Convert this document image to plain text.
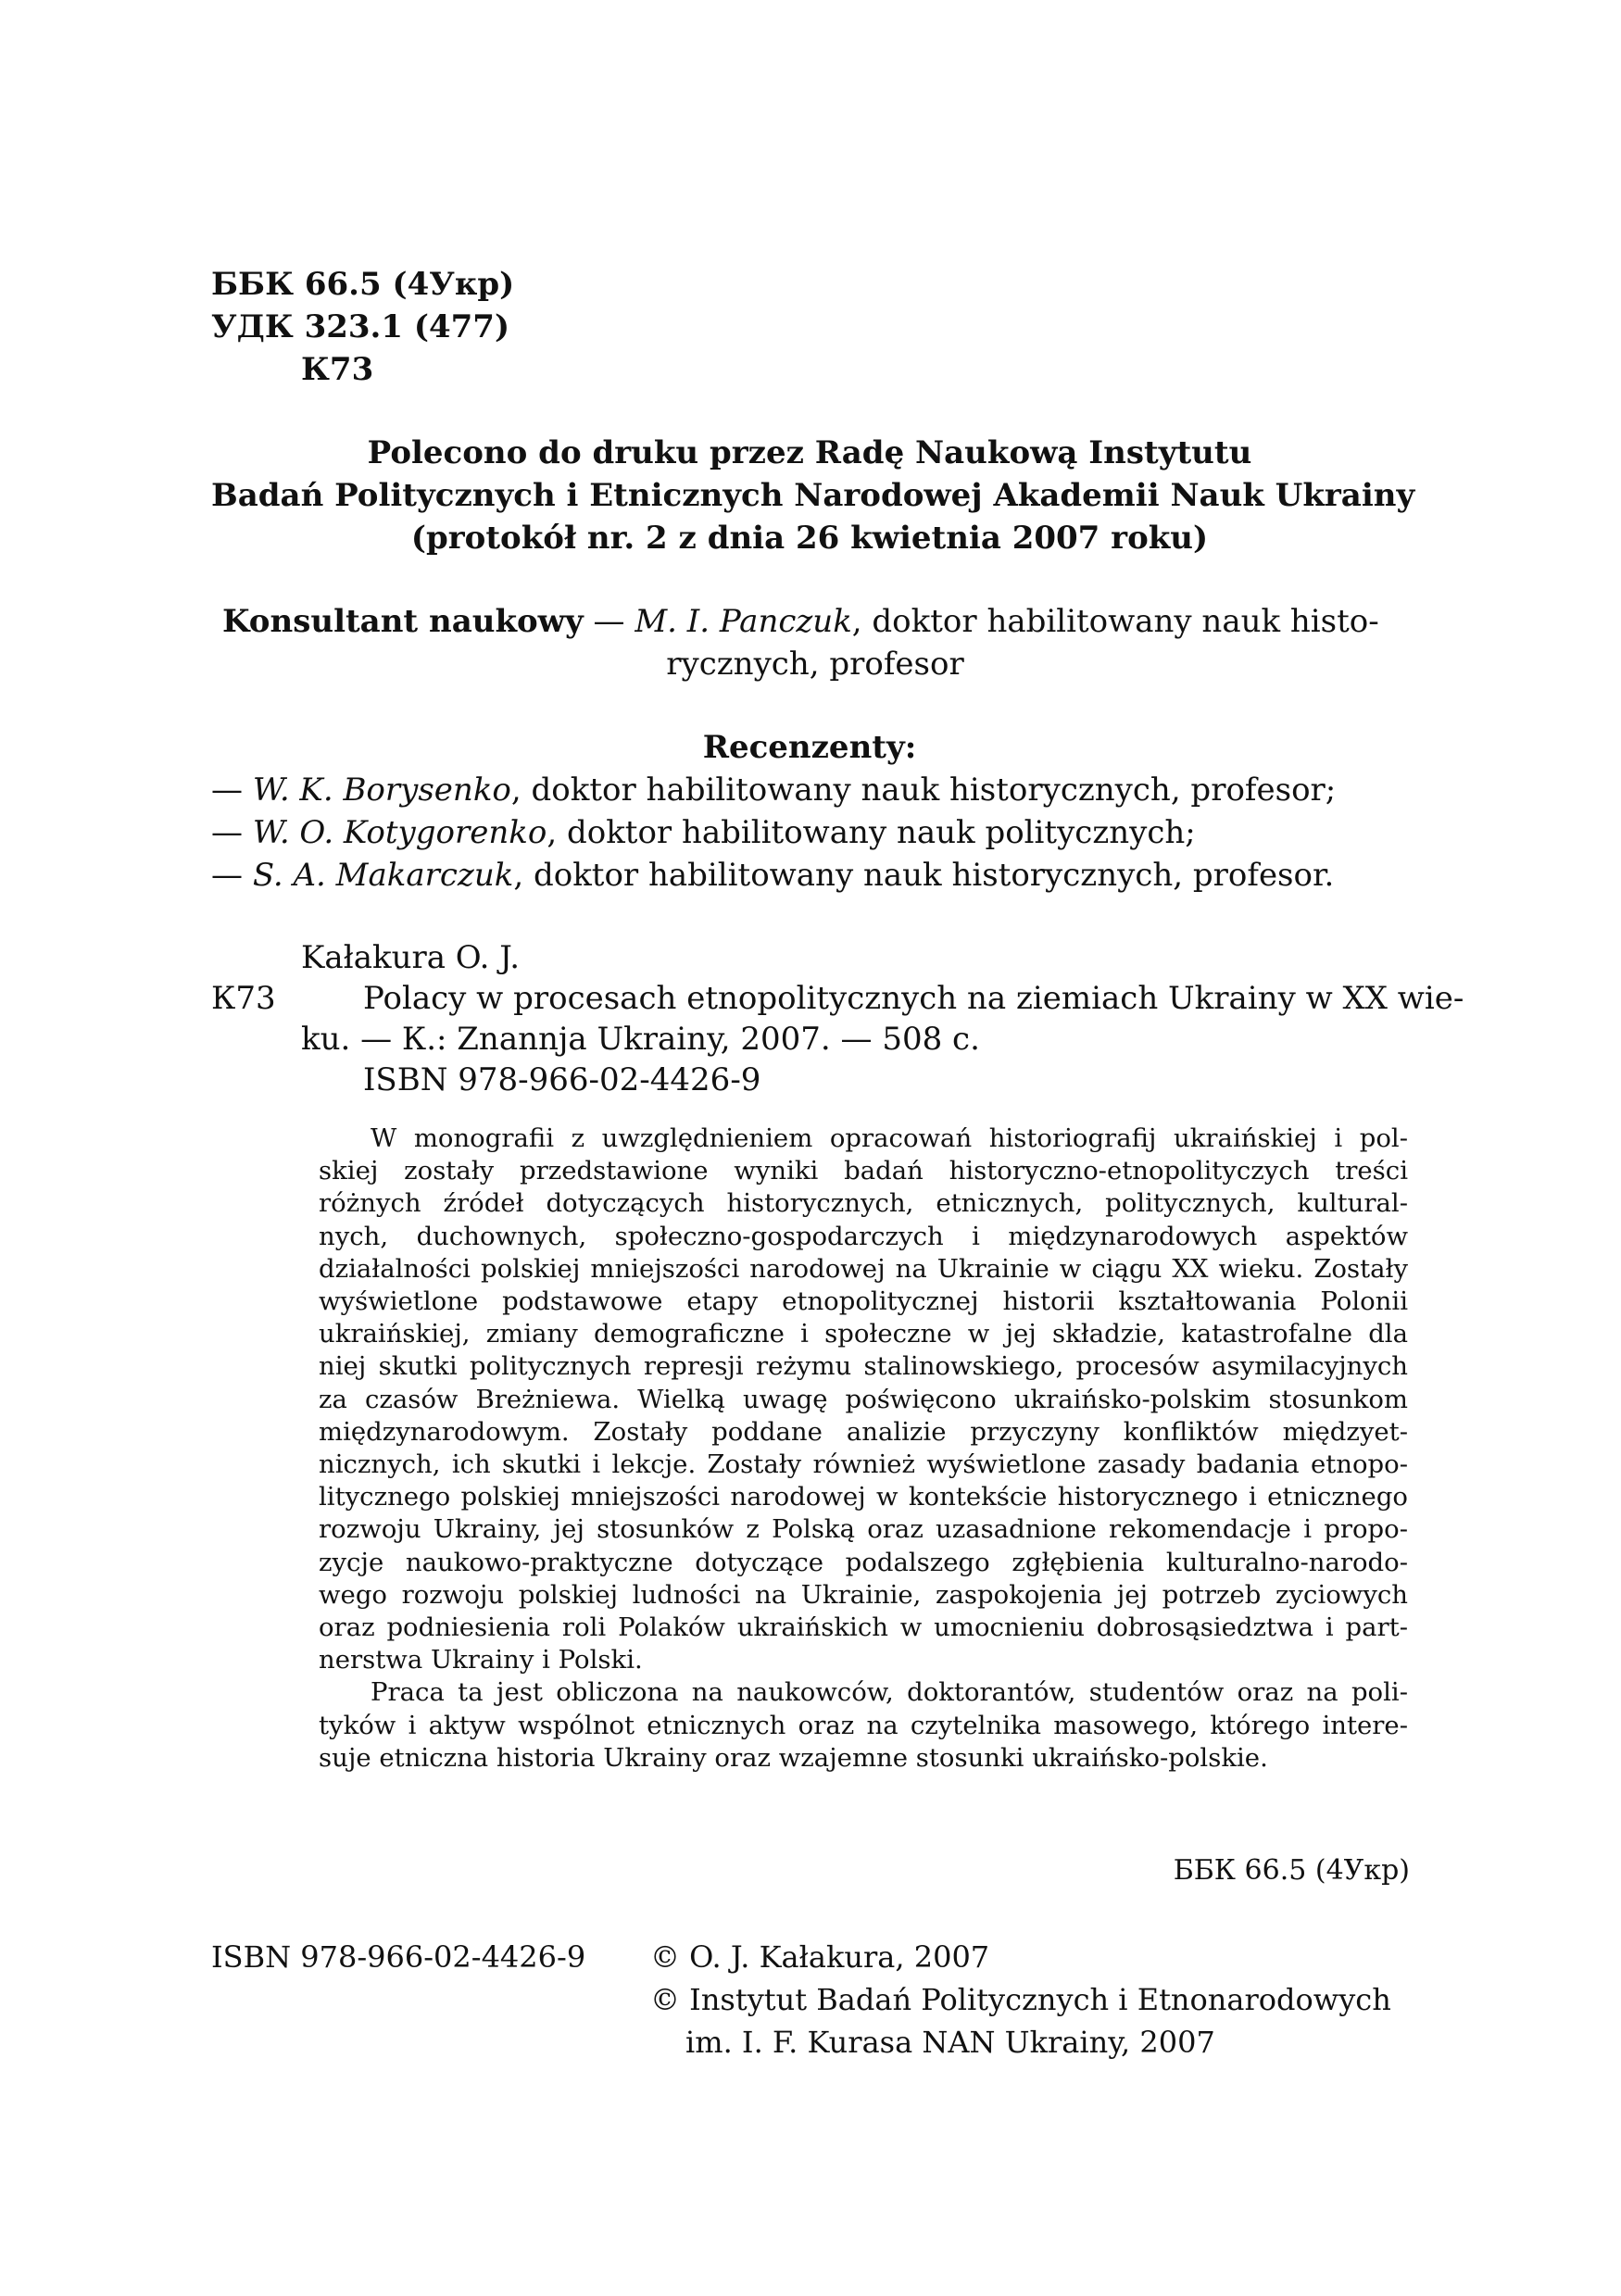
ББК 66.5 (4Укр)
УДК 323.1 (477)
К73
Polecono do druku przez Radę Naukową Instytutu
Badań Politycznych i Etnicznych Narodowej Akademii Nauk Ukrainy
(protokół nr. 2 z dnia 26 kwietnia 2007 roku)
Konsultant naukowy — M. I. Panczuk, doktor habilitowany nauk histo-
rycznych, profesor
Recenzenty:
— W. K. Borysenko, doktor habilitowany nauk historycznych, profesor;
— W. O. Kotygorenko, doktor habilitowany nauk politycznych;
— S. A. Makarczuk, doktor habilitowany nauk historycznych, profesor.
Kałakura O. J.
К73	Polacy w procesach etnopolitycznych na ziemiach Ukrainy w XX wie-
ku. — К.: Znannja Ukrainy, 2007. — 508 c.
ISBN 978-966-02-4426-9
W monografii z uwzględnieniem opracowań historiografij ukraińskiej i pol-
skiej zostały przedstawione wyniki badań historyczno-etnopolityczych treści
różnych źródeł dotyczących historycznych, etnicznych, politycznych, kultural-
nych, duchownych, społeczno-gospodarczych i międzynarodowych aspektów
działalności polskiej mniejszości narodowej na Ukrainie w ciągu XX wieku. Zostały
wyświetlone podstawowe etapy etnopolitycznej historii kształtowania Polonii
ukraińskiej, zmiany demograficzne i społeczne w jej składzie, katastrofalne dla
niej skutki politycznych represji reżymu stalinowskiego, procesów asymilacyjnych
za czasów Breżniewa. Wielką uwagę poświęcono ukraińsko-polskim stosunkom
międzynarodowym. Zostały poddane analizie przyczyny konfliktów międzyet-
nicznych, ich skutki i lekcje. Zostały również wyświetlone zasady badania etnopo-
litycznego polskiej mniejszości narodowej w kontekście historycznego i etnicznego
rozwoju Ukrainy, jej stosunków z Polską oraz uzasadnione rekomendacje i propo-
zycje naukowo-praktyczne dotyczące podalszego zgłębienia kulturalno-narodo-
wego rozwoju polskiej ludności na Ukrainie, zaspokojenia jej potrzeb zyciowych
oraz podniesienia roli Polaków ukraińskich w umocnieniu dobrosąsiedztwa i part-
nerstwa Ukrainy i Polski.
Praca ta jest obliczona na naukowców, doktorantów, studentów oraz na poli-
tyków i aktyw wspólnot etnicznych oraz na czytelnika masowego, którego intere-
suje etniczna historia Ukrainy oraz wzajemne stosunki ukraińsko-polskie.
ББК 66.5 (4Укр)
ISBN 978-966-02-4426-9 © O. J. Kałakura, 2007
© Instytut Badań Politycznych i Etnonarodowych
im. I. F. Kurasa NAN Ukrainy, 2007
